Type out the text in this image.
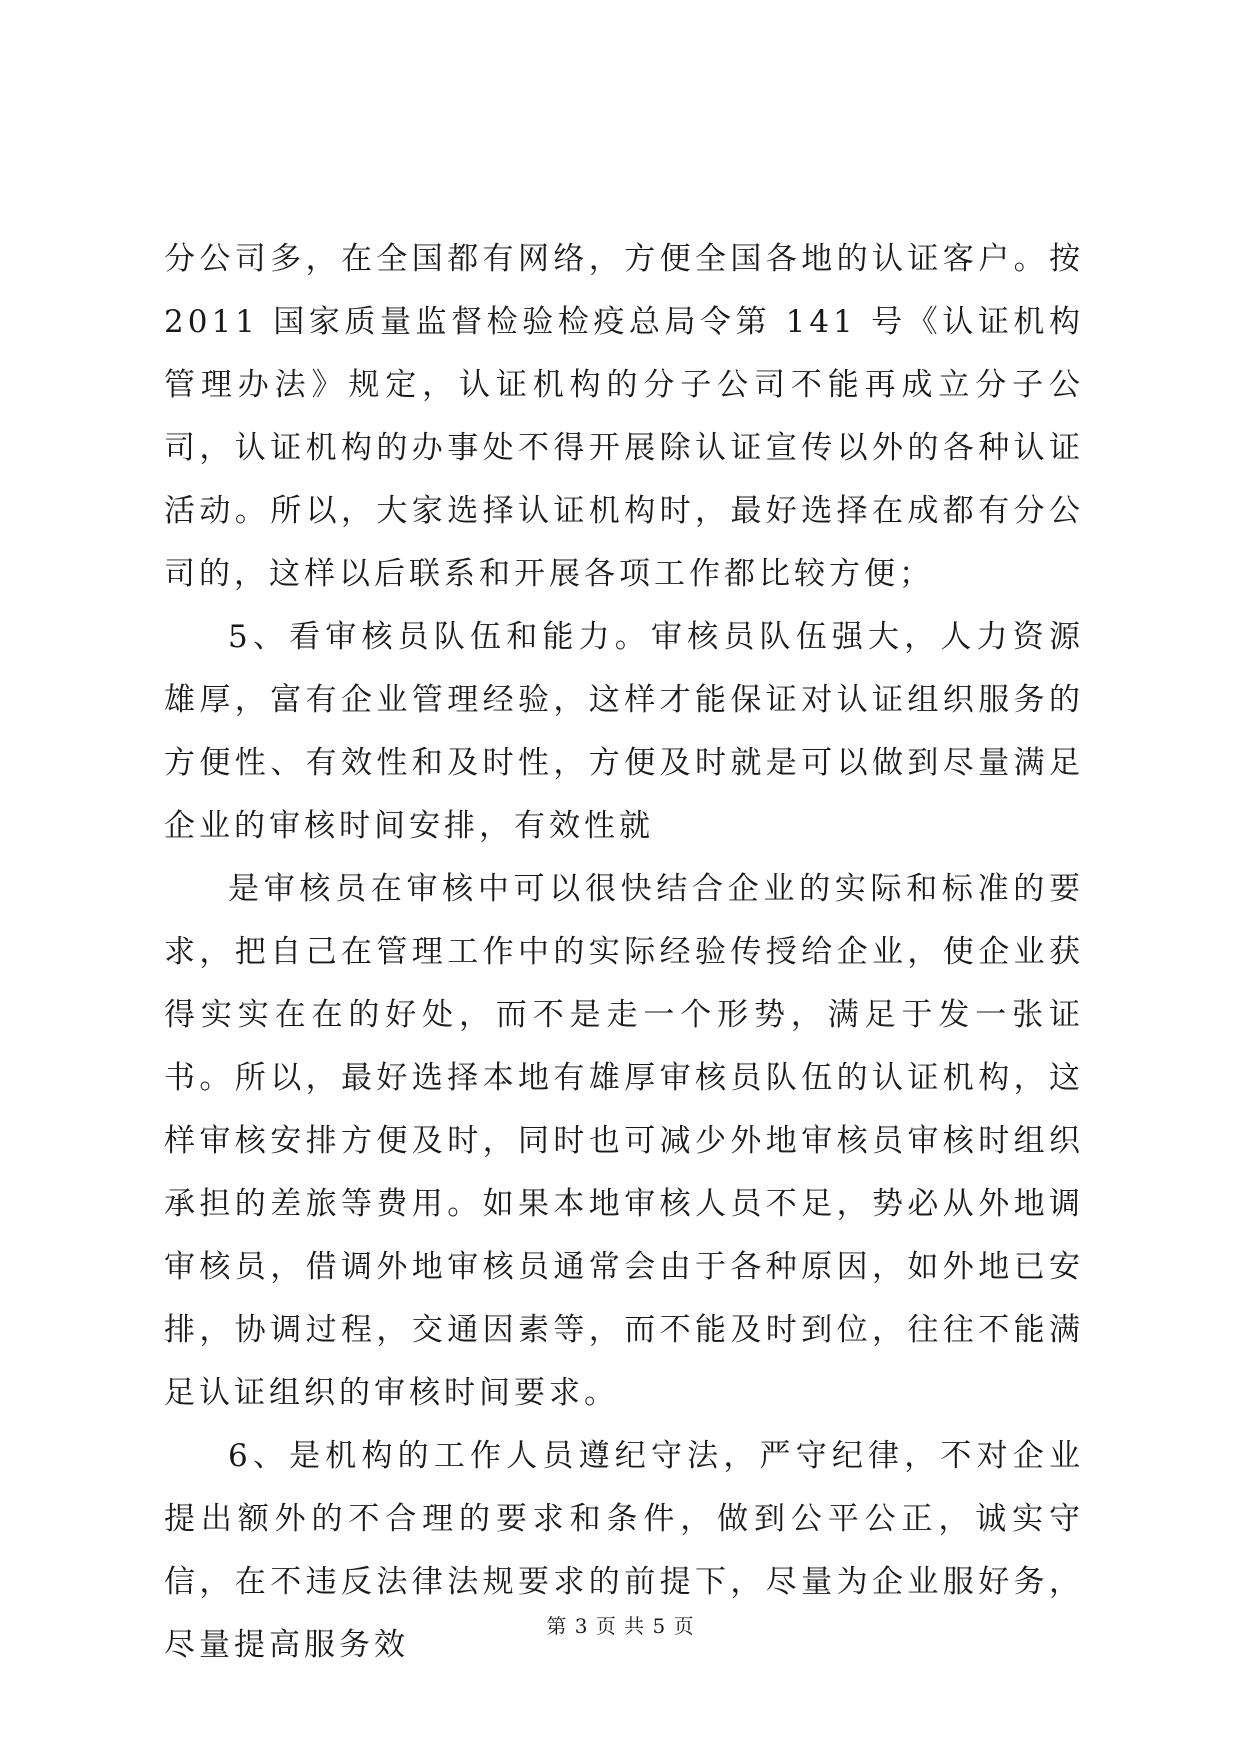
分公司多，在全国都有网络，方便全国各地的认证客户。按 2011 国家质量监督检验检疫总局令第 141 号《认证机构管理办法》规定，认证机构的分子公司不能再成立分子公司，认证机构的办事处不得开展除认证宣传以外的各种认证活动。所以，大家选择认证机构时，最好选择在成都有分公司的，这样以后联系和开展各项工作都比较方便；

5、看审核员队伍和能力。审核员队伍强大，人力资源雄厚，富有企业管理经验，这样才能保证对认证组织服务的方便性、有效性和及时性，方便及时就是可以做到尽量满足企业的审核时间安排，有效性就

是审核员在审核中可以很快结合企业的实际和标准的要求，把自己在管理工作中的实际经验传授给企业，使企业获得实实在在的好处，而不是走一个形势，满足于发一张证书。所以，最好选择本地有雄厚审核员队伍的认证机构，这样审核安排方便及时，同时也可减少外地审核员审核时组织承担的差旅等费用。如果本地审核人员不足，势必从外地调审核员，借调外地审核员通常会由于各种原因，如外地已安排，协调过程，交通因素等，而不能及时到位，往往不能满足认证组织的审核时间要求。

6、是机构的工作人员遵纪守法，严守纪律，不对企业提出额外的不合理的要求和条件，做到公平公正，诚实守信，在不违反法律法规要求的前提下，尽量为企业服好务，尽量提高服务效

第 3 页 共 5 页
